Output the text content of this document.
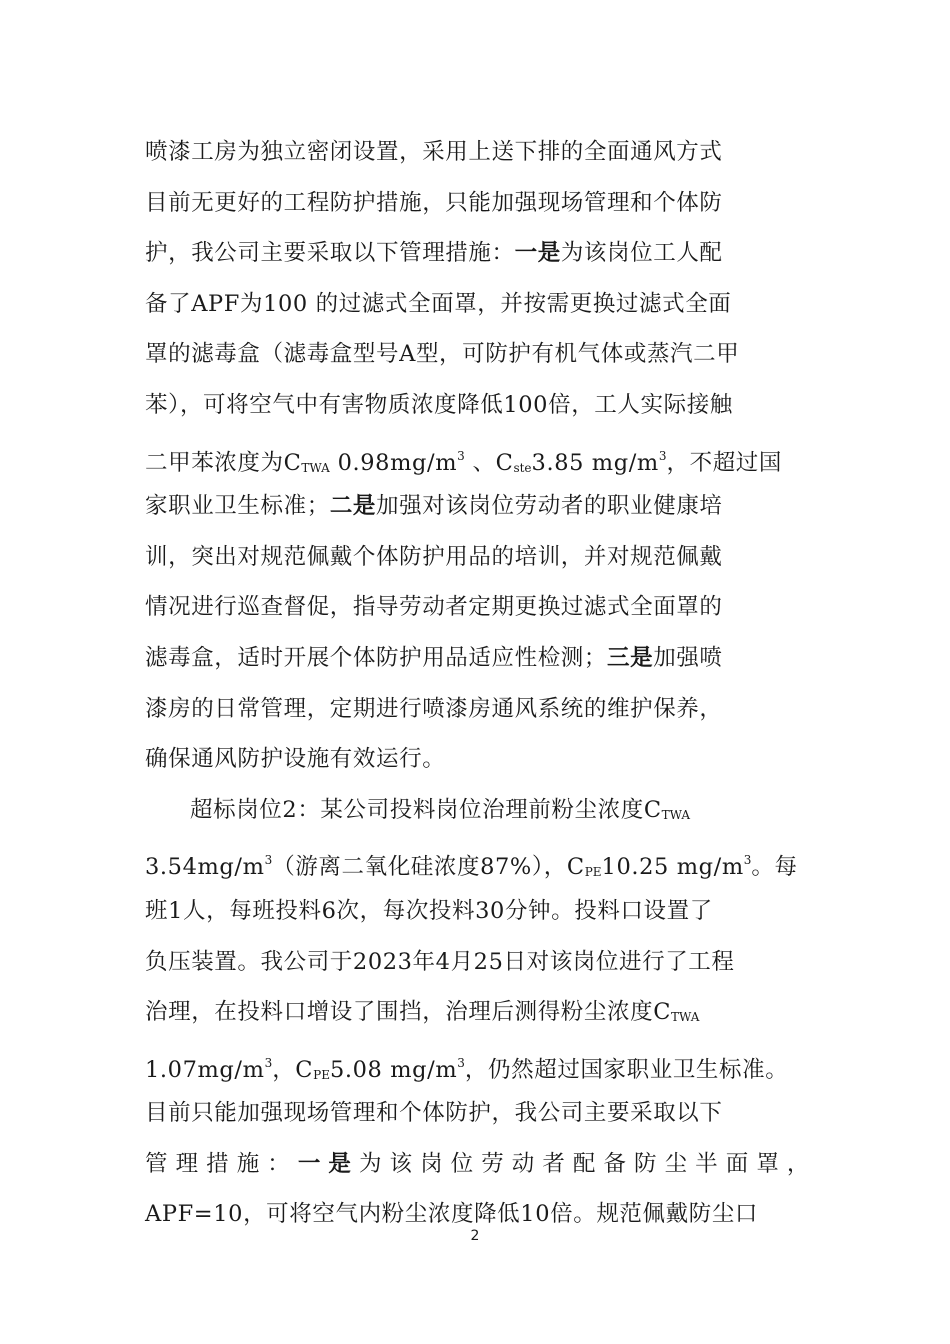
喷漆工房为独立密闭设置，采用上送下排的全面通风方式
目前无更好的工程防护措施，只能加强现场管理和个体防
护，我公司主要采取以下管理措施：一是为该岗位工人配
备了APF为100 的过滤式全面罩，并按需更换过滤式全面
罩的滤毒盒（滤毒盒型号A型，可防护有机气体或蒸汽二甲
苯），可将空气中有害物质浓度降低100倍，工人实际接触
二甲苯浓度为$C_{TWA}$ $0.98mg/m^3$ 、$C_{ste}3.85$ $mg/m^3$，不超过国
家职业卫生标准；二是加强对该岗位劳动者的职业健康培
训，突出对规范佩戴个体防护用品的培训，并对规范佩戴
情况进行巡查督促，指导劳动者定期更换过滤式全面罩的
滤毒盒，适时开展个体防护用品适应性检测；三是加强喷
漆房的日常管理，定期进行喷漆房通风系统的维护保养，
确保通风防护设施有效运行。
超标岗位2：某公司投料岗位治理前粉尘浓度$C_{TWA}$
$3.54mg/m^3$（游离二氧化硅浓度87%），$C_{PE}10.25$ $mg/m^3$。每
班1人，每班投料6次，每次投料30分钟。投料口设置了
负压装置。我公司于2023年4月25日对该岗位进行了工程
治理，在投料口增设了围挡，治理后测得粉尘浓度$C_{TWA}$
$1.07mg/m^3$，$C_{PE}5.08$ $mg/m^3$，仍然超过国家职业卫生标准。
目前只能加强现场管理和个体防护，我公司主要采取以下
管理措施：一是为该岗位劳动者配备防尘半面罩，
APF=10，可将空气内粉尘浓度降低10倍。规范佩戴防尘口
2
